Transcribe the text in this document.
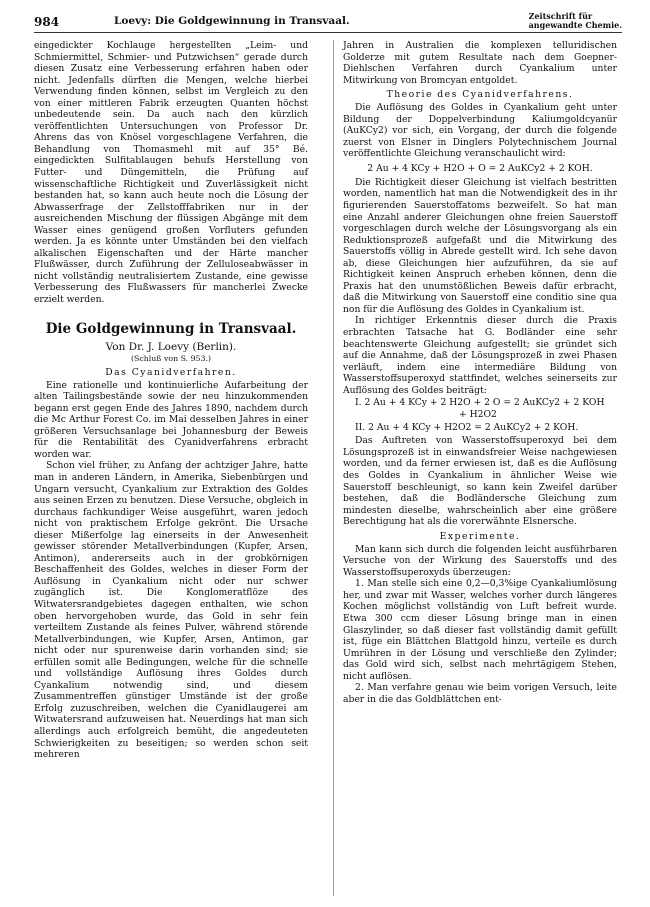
984	Loevy: Die Goldgewinnung in Transvaal.	Zeitschrift für
angewandte Chemie.

eingedickter Kochlauge hergestellten „Leim- und Schmiermittel, Schmier- und Putzwichsen“ gerade durch diesen Zusatz eine Verbesserung erfahren haben oder nicht. Jedenfalls dürften die Mengen, welche hierbei Verwendung finden können, selbst im Vergleich zu den von einer mittleren Fabrik erzeugten Quanten höchst unbedeutende sein. Da auch nach den kürzlich veröffentlichten Untersuchungen von Professor Dr. Ahrens das von Knösel vorgeschlagene Verfahren, die Behandlung von Thomasmehl mit auf 35° Bé. eingedickten Sulfitablaugen behufs Herstellung von Futter- und Düngemitteln, die Prüfung auf wissenschaftliche Richtigkeit und Zuverlässigkeit nicht bestanden hat, so kann auch heute noch die Lösung der Abwasserfrage der Zellstofffabriken nur in der ausreichenden Mischung der flüssigen Abgänge mit dem Wasser eines genügend großen Vorfluters gefunden werden. Ja es könnte unter Umständen bei den vielfach alkalischen Eigenschaften und der Härte mancher Flußwässer, durch Zuführung der Zelluloseabwässer in nicht vollständig neutralisiertem Zustande, eine gewisse Verbesserung des Flußwassers für mancherlei Zwecke erzielt werden.

Die Goldgewinnung in Transvaal.
Von Dr. J. Loevy (Berlin).
(Schluß von S. 953.)
Das Cyanidverfahren.

Eine rationelle und kontinuierliche Aufarbeitung der alten Tailingsbestände sowie der neu hinzukommenden begann erst gegen Ende des Jahres 1890, nachdem durch die Mc Arthur Forest Co. im Mai desselben Jahres in einer größeren Versuchsanlage bei Johannesburg der Beweis für die Rentabilität des Cyanidverfahrens erbracht worden war.

Schon viel früher, zu Anfang der achtziger Jahre, hatte man in anderen Ländern, in Amerika, Siebenbürgen und Ungarn versucht, Cyankalium zur Extraktion des Goldes aus seinen Erzen zu benutzen. Diese Versuche, obgleich in durchaus fachkundiger Weise ausgeführt, waren jedoch nicht von praktischem Erfolge gekrönt. Die Ursache dieser Mißerfolge lag einerseits in der Anwesenheit gewisser störender Metallverbindungen (Kupfer, Arsen, Antimon), andererseits auch in der grobkörnigen Beschaffenheit des Goldes, welches in dieser Form der Auflösung in Cyankalium nicht oder nur schwer zugänglich ist. Die Konglomeratflöze des Witwatersrandgebietes dagegen enthalten, wie schon oben hervorgehoben wurde, das Gold in sehr fein verteiltem Zustande als feines Pulver, während störende Metallverbindungen, wie Kupfer, Arsen, Antimon, gar nicht oder nur spurenweise darin vorhanden sind; sie erfüllen somit alle Bedingungen, welche für die schnelle und vollständige Auflösung ihres Goldes durch Cyankalium notwendig sind, und diesem Zusammentreffen günstiger Umstände ist der große Erfolg zuzuschreiben, welchen die Cyanidlaugerei am Witwatersrand aufzuweisen hat. Neuerdings hat man sich allerdings auch erfolgreich bemüht, die angedeuteten Schwierigkeiten zu beseitigen; so werden schon seit mehreren

Jahren in Australien die komplexen telluridischen Golderze mit gutem Resultate nach dem Goepner-Diehlschen Verfahren durch Cyankalium unter Mitwirkung von Bromcyan entgoldet.

Theorie des Cyanidverfahrens.

Die Auflösung des Goldes in Cyankalium geht unter Bildung der Doppelverbindung Kaliumgoldcyanür (AuKCy2) vor sich, ein Vorgang, der durch die folgende zuerst von Elsner in Dinglers Polytechnischem Journal veröffentlichte Gleichung veranschaulicht wird:

2 Au + 4 KCy + H2O + O = 2 AuKCy2 + 2 KOH.

Die Richtigkeit dieser Gleichung ist vielfach bestritten worden, namentlich hat man die Notwendigkeit des in ihr figurierenden Sauerstoffatoms bezweifelt. So hat man eine Anzahl anderer Gleichungen ohne freien Sauerstoff vorgeschlagen durch welche der Lösungsvorgang als ein Reduktionsprozeß aufgefaßt und die Mitwirkung des Sauerstoffs völlig in Abrede gestellt wird. Ich sehe davon ab, diese Gleichungen hier aufzuführen, da sie auf Richtigkeit keinen Anspruch erheben können, denn die Praxis hat den unumstößlichen Beweis dafür erbracht, daß die Mitwirkung von Sauerstoff eine conditio sine qua non für die Auflösung des Goldes in Cyankalium ist.

In richtiger Erkenntnis dieser durch die Praxis erbrachten Tatsache hat G. Bodländer eine sehr beachtenswerte Gleichung aufgestellt; sie gründet sich auf die Annahme, daß der Lösungsprozeß in zwei Phasen verläuft, indem eine intermediäre Bildung von Wasserstoffsuperoxyd stattfindet, welches seinerseits zur Auflösung des Goldes beiträgt:

I. 2 Au + 4 KCy + 2 H2O + 2 O = 2 AuKCy2 + 2 KOH
+ H2O2
II. 2 Au + 4 KCy + H2O2 = 2 AuKCy2 + 2 KOH.

Das Auftreten von Wasserstoffsuperoxyd bei dem Lösungsprozeß ist in einwandsfreier Weise nachgewiesen worden, und da ferner erwiesen ist, daß es die Auflösung des Goldes in Cyankalium in ähnlicher Weise wie Sauerstoff beschleunigt, so kann kein Zweifel darüber bestehen, daß die Bodländersche Gleichung zum mindesten dieselbe, wahrscheinlich aber eine größere Berechtigung hat als die vorerwähnte Elsnersche.

Experimente.

Man kann sich durch die folgenden leicht ausführbaren Versuche von der Wirkung des Sauerstoffs und des Wasserstoffsuperoxyds überzeugen:

1. Man stelle sich eine 0,2—0,3%ige Cyankaliumlösung her, und zwar mit Wasser, welches vorher durch längeres Kochen möglichst vollständig von Luft befreit wurde. Etwa 300 ccm dieser Lösung bringe man in einen Glaszylinder, so daß dieser fast vollständig damit gefüllt ist, füge ein Blättchen Blattgold hinzu, verteile es durch Umrühren in der Lösung und verschließe den Zylinder; das Gold wird sich, selbst nach mehrtägigem Stehen, nicht auflösen.

2. Man verfahre genau wie beim vorigen Versuch, leite aber in die das Goldblättchen ent-
